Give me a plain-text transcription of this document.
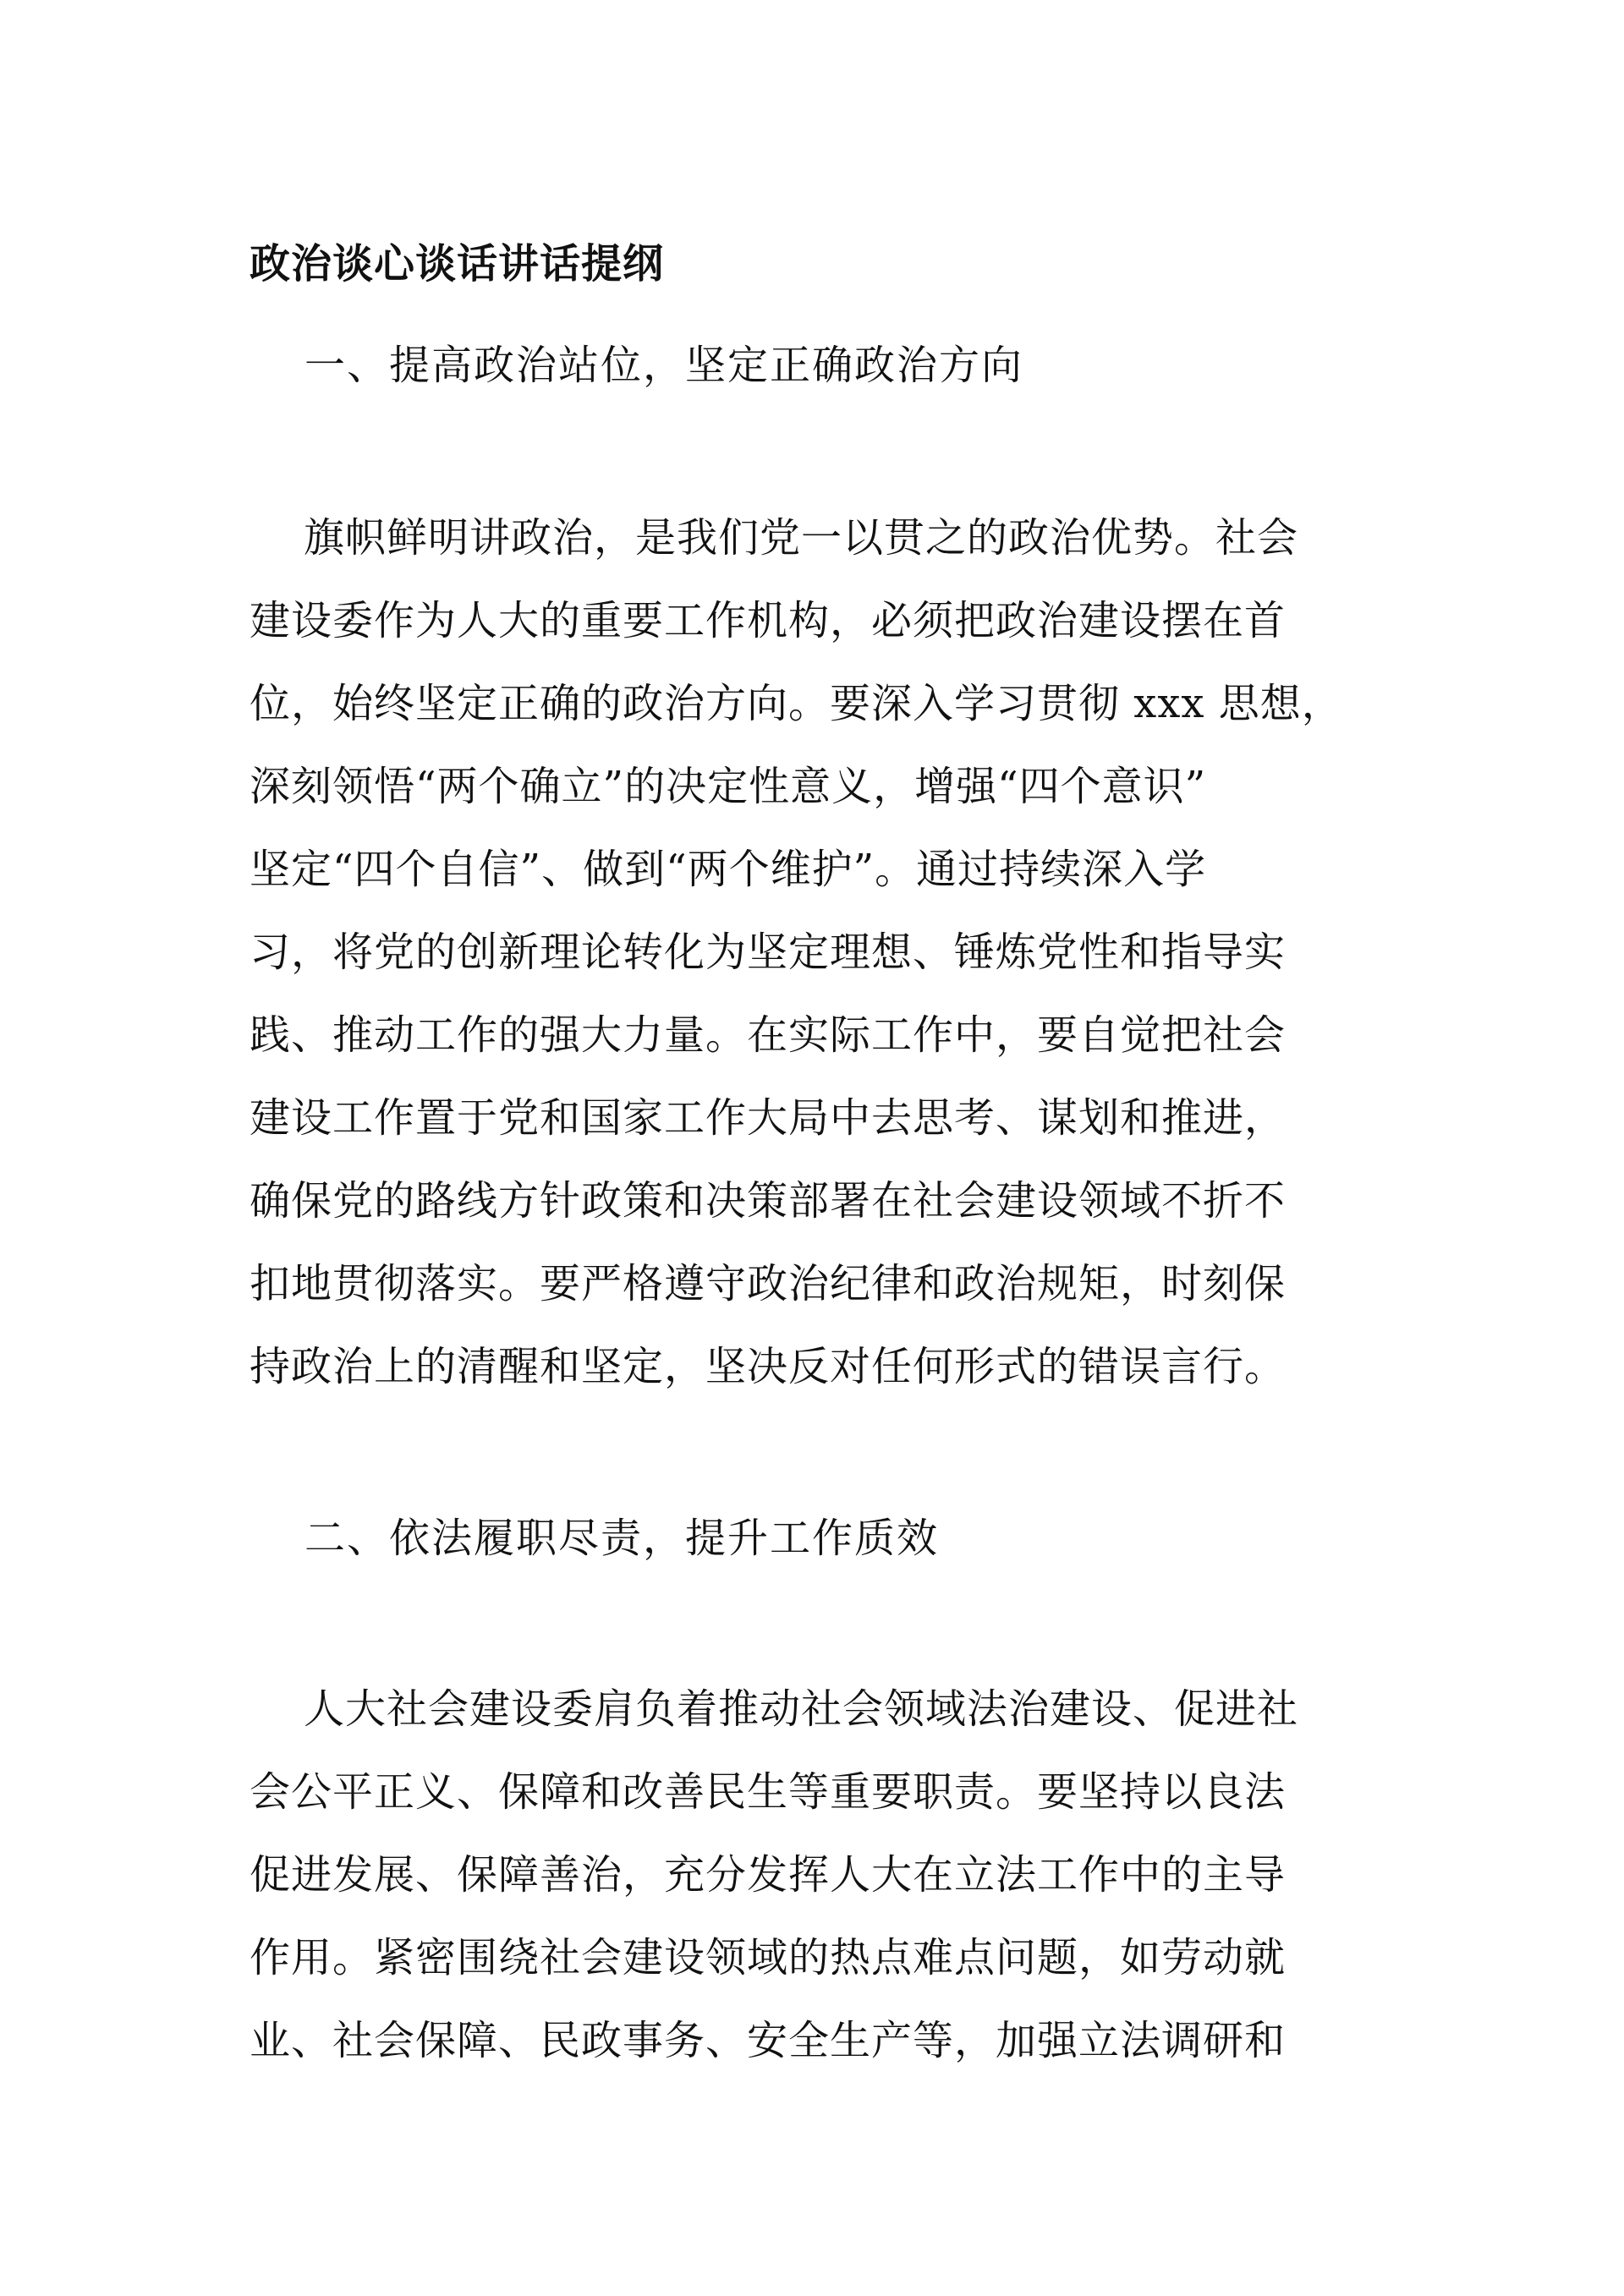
政治谈心谈话讲话提纲

一、提高政治站位，坚定正确政治方向

旗帜鲜明讲政治，是我们党一以贯之的政治优势。社会
建设委作为人大的重要工作机构，必须把政治建设摆在首
位，始终坚定正确的政治方向。要深入学习贯彻 xxx 思想，
深刻领悟“两个确立”的决定性意义，增强“四个意识”
坚定“四个自信”、做到“两个维护”。通过持续深入学
习，将党的创新理论转化为坚定理想、锤炼党性和指导实
践、推动工作的强大力量。在实际工作中，要自觉把社会
建设工作置于党和国家工作大局中去思考、谋划和推进，
确保党的路线方针政策和决策部署在社会建设领域不折不
扣地贯彻落实。要严格遵守政治纪律和政治规矩，时刻保
持政治上的清醒和坚定，坚决反对任何形式的错误言行。

二、依法履职尽责，提升工作质效

人大社会建设委肩负着推动社会领域法治建设、促进社
会公平正义、保障和改善民生等重要职责。要坚持以良法
促进发展、保障善治，充分发挥人大在立法工作中的主导
作用。紧密围绕社会建设领域的热点难点问题，如劳动就
业、社会保障、民政事务、安全生产等，加强立法调研和
